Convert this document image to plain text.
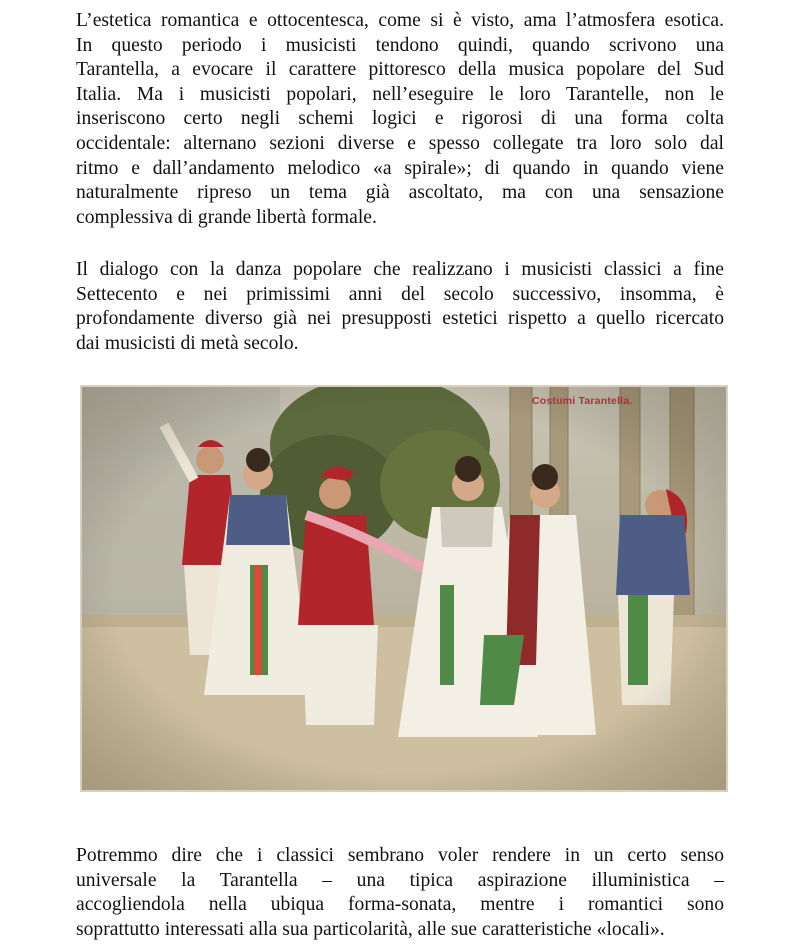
L’estetica romantica e ottocentesca, come si è visto, ama l’atmosfera esotica.
In questo periodo i musicisti tendono quindi, quando scrivono una
Tarantella, a evocare il carattere pittoresco della musica popolare del Sud
Italia. Ma i musicisti popolari, nell’eseguire le loro Tarantelle, non le
inseriscono certo negli schemi logici e rigorosi di una forma colta
occidentale: alternano sezioni diverse e spesso collegate tra loro solo dal
ritmo e dall’andamento melodico «a spirale»; di quando in quando viene
naturalmente ripreso un tema già ascoltato, ma con una sensazione
complessiva di grande libertà formale.
Il dialogo con la danza popolare che realizzano i musicisti classici a fine
Settecento e nei primissimi anni del secolo successivo, insomma, è
profondamente diverso già nei presupposti estetici rispetto a quello ricercato
dai musicisti di metà secolo.
Costumi Tarantella.
Potremmo dire che i classici sembrano voler rendere in un certo senso
universale la Tarantella – una tipica aspirazione illuministica –
accogliendola nella ubiqua forma-sonata, mentre i romantici sono
soprattutto interessati alla sua particolarità, alle sue caratteristiche «locali».
